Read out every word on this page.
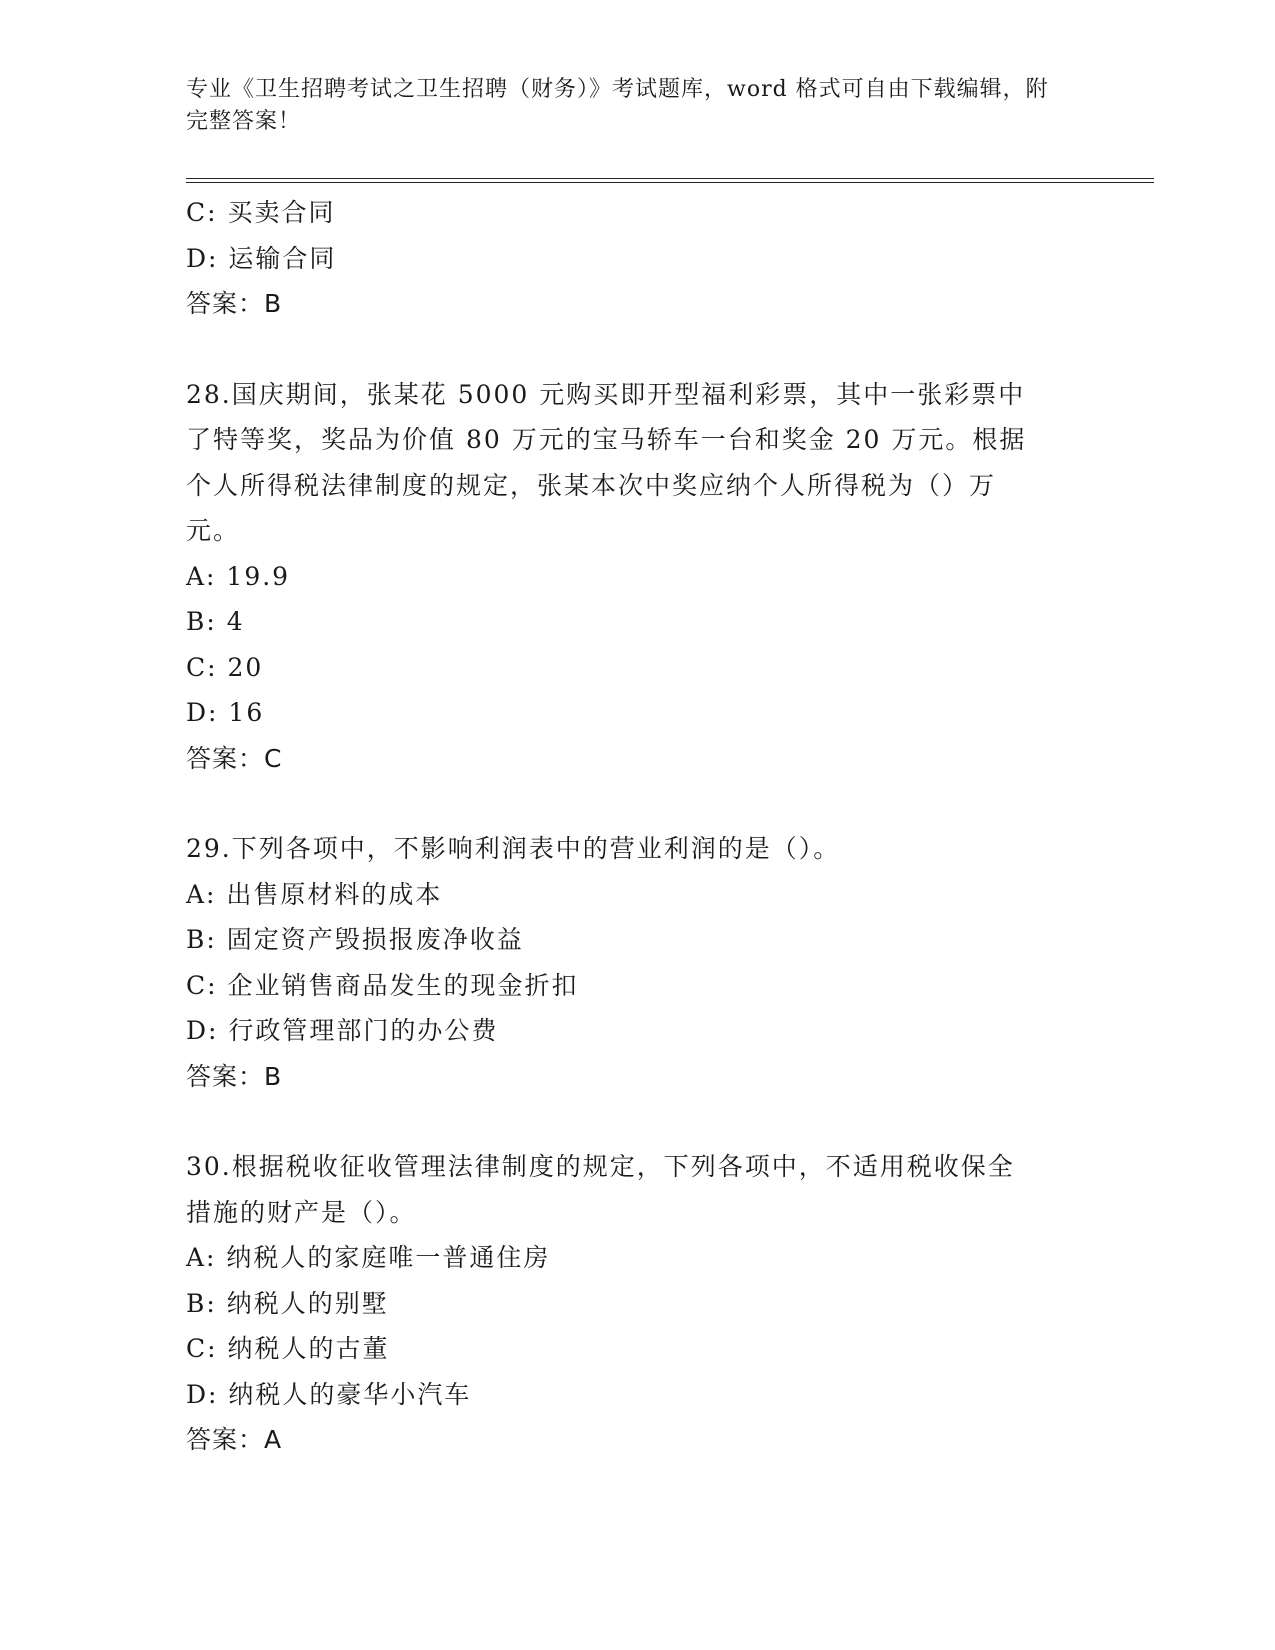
专业《卫生招聘考试之卫生招聘（财务）》考试题库，word 格式可自由下载编辑，附完整答案！
C: 买卖合同
D: 运输合同
答案：B
28.国庆期间，张某花 5000 元购买即开型福利彩票，其中一张彩票中
了特等奖，奖品为价值 80 万元的宝马轿车一台和奖金 20 万元。根据
个人所得税法律制度的规定，张某本次中奖应纳个人所得税为（）万
元。
A: 19.9
B: 4
C: 20
D: 16
答案：C
29.下列各项中，不影响利润表中的营业利润的是（）。
A: 出售原材料的成本
B: 固定资产毁损报废净收益
C: 企业销售商品发生的现金折扣
D: 行政管理部门的办公费
答案：B
30.根据税收征收管理法律制度的规定，下列各项中，不适用税收保全
措施的财产是（）。
A: 纳税人的家庭唯一普通住房
B: 纳税人的别墅
C: 纳税人的古董
D: 纳税人的豪华小汽车
答案：A
